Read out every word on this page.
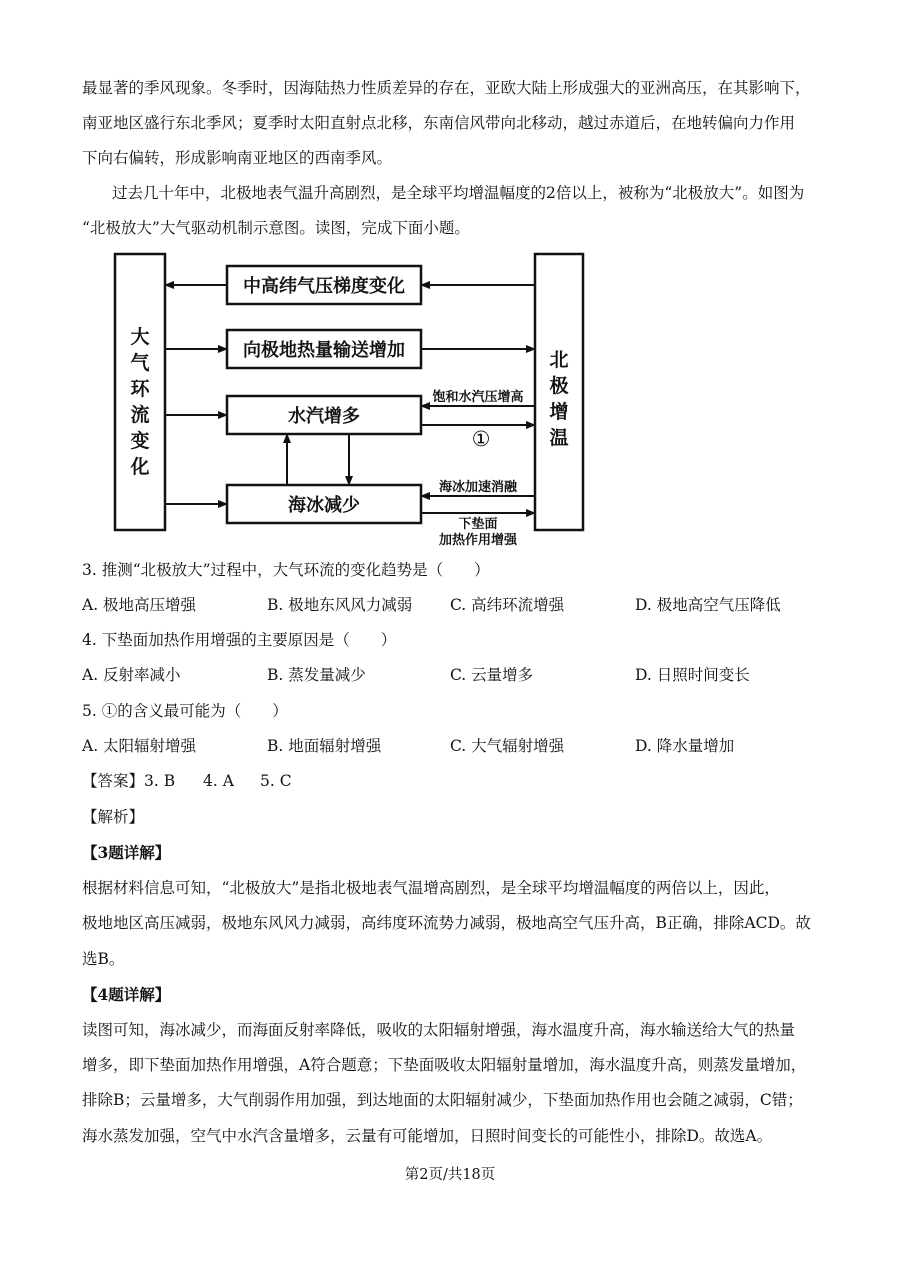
最显著的季风现象。冬季时，因海陆热力性质差异的存在，亚欧大陆上形成强大的亚洲高压，在其影响下，
南亚地区盛行东北季风；夏季时太阳直射点北移，东南信风带向北移动，越过赤道后，在地转偏向力作用
下向右偏转，形成影响南亚地区的西南季风。
过去几十年中，北极地表气温升高剧烈，是全球平均增温幅度的2倍以上，被称为“北极放大”。如图为
“北极放大”大气驱动机制示意图。读图，完成下面小题。
大
气
环
流
变
化
北
极
增
温
中高纬气压梯度变化
向极地热量输送增加
水汽增多
海冰减少
饱和水汽压增高
①
海冰加速消融
下垫面
加热作用增强
3. 推测“北极放大”过程中，大气环流的变化趋势是（　　）
A. 极地高压增强	B. 极地东风风力减弱 C. 高纬环流增强	D. 极地高空气压降低
4. 下垫面加热作用增强的主要原因是（　　）
A. 反射率减小	B. 蒸发量减少	C. 云量增多	D. 日照时间变长
5. ①的含义最可能为（　　）
A. 太阳辐射增强	B. 地面辐射增强	C. 大气辐射增强	D. 降水量增加
【答案】 3. B 4. A 5. C
【解析】
【3题详解】
根据材料信息可知，“北极放大”是指北极地表气温增高剧烈，是全球平均增温幅度的两倍以上，因此，
极地地区高压减弱，极地东风风力减弱，高纬度环流势力减弱，极地高空气压升高，B正确，排除ACD。故
选B。
【4题详解】
读图可知，海冰减少，而海面反射率降低，吸收的太阳辐射增强，海水温度升高，海水输送给大气的热量
增多，即下垫面加热作用增强，A符合题意；下垫面吸收太阳辐射量增加，海水温度升高，则蒸发量增加，
排除B；云量增多，大气削弱作用加强，到达地面的太阳辐射减少，下垫面加热作用也会随之减弱，C错；
海水蒸发加强，空气中水汽含量增多，云量有可能增加，日照时间变长的可能性小，排除D。故选A。
第2页/共18页
